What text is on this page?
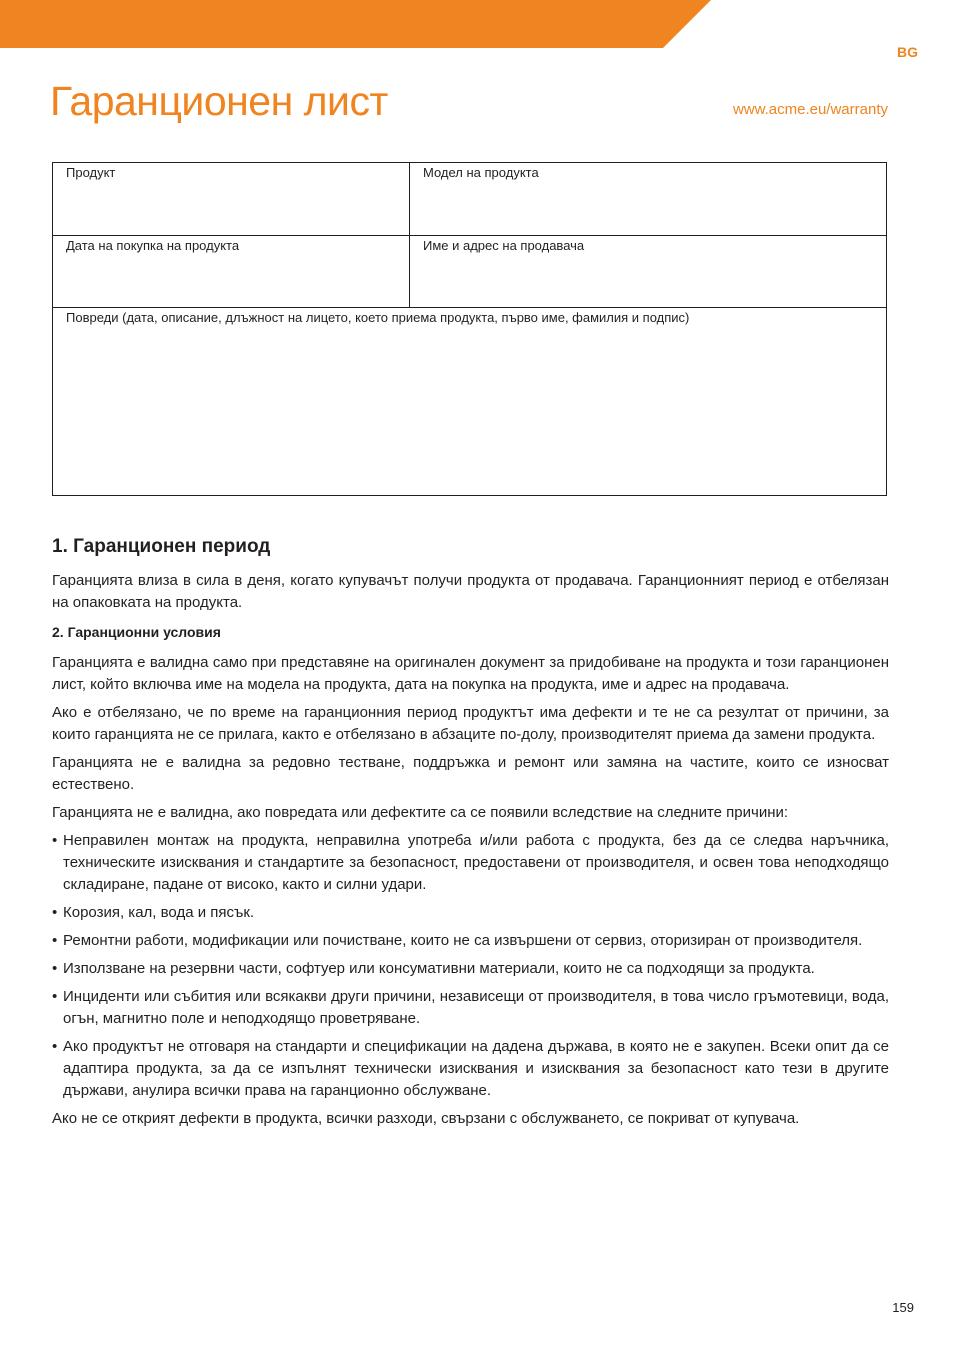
BG
Гаранционен лист	www.acme.eu/warranty
Продукт	Модел на продукта
Дата на покупка на продукта	Име и адрес на продавача
Повреди (дата, описание, длъжност на лицето, което приема продукта, първо име, фамилия и подпис)
1. Гаранционен период

Гаранцията влиза в сила в деня, когато купувачът получи продукта от продавача. Гаранционният период е отбелязан на опаковката на продукта.

2. Гаранционни условия

Гаранцията е валидна само при представяне на оригинален документ за придобиване на продукта и този гаранционен лист, който включва име на модела на продукта, дата на покупка на продукта, име и адрес на продавача.

Ако е отбелязано, че по време на гаранционния период продуктът има дефекти и те не са резултат от причини, за които гаранцията не се прилага, както е отбелязано в абзаците по-долу, производителят приема да замени продукта.

Гаранцията не е валидна за редовно тестване, поддръжка и ремонт или замяна на частите, които се износват естествено.

Гаранцията не е валидна, ако повредата или дефектите са се появили вследствие на следните причини:

• Неправилен монтаж на продукта, неправилна употреба и/или работа с продукта, без да се следва наръчника, техническите изисквания и стандартите за безопасност, предоставени от производителя, и освен това неподходящо складиране, падане от високо, както и силни удари.
• Корозия, кал, вода и пясък.
• Ремонтни работи, модификации или почистване, които не са извършени от сервиз, оторизиран от производителя.
• Използване на резервни части, софтуер или консумативни материали, които не са подходящи за продукта.
• Инциденти или събития или всякакви други причини, независещи от производителя, в това число гръмотевици, вода, огън, магнитно поле и неподходящо проветряване.
• Ако продуктът не отговаря на стандарти и спецификации на дадена държава, в която не е закупен. Всеки опит да се адаптира продукта, за да се изпълнят технически изисквания и изисквания за безопасност като тези в другите държави, анулира всички права на гаранционно обслужване.

Ако не се открият дефекти в продукта, всички разходи, свързани с обслужването, се покриват от купувача.

159
